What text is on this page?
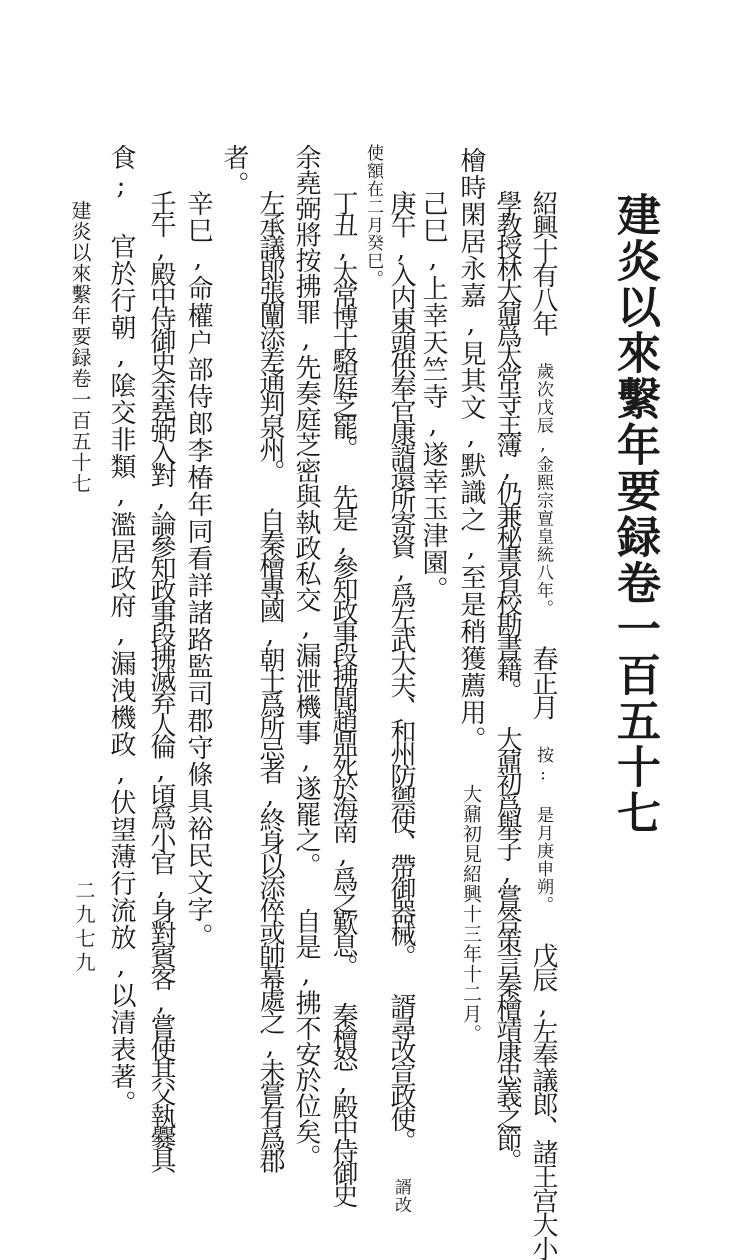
建炎以來繫年要録卷一百五十七
紹興十有八年 歲次戊辰,金熙宗亶皇統八年。 春正月 按: 是月庚申朔。 戊辰,左奉議郎、諸王宫大小
學教授林大鼐爲太常寺主簿,仍兼秘書省校勘書籍。 大鼐初爲舉子,嘗答策言秦檜靖康忠義之節。
檜時閑居永嘉,見其文,默識之,至是稍獲薦用。 大鼐初見紹興十三年十二月。
己巳,上幸天竺寺,遂幸玉津園。
庚午,入内東頭供奉官康諝還所寄資,爲左武大夫、和州防禦使、帶御器械。 諝尋改宣政使。 諝改
使額在二月癸巳。
丁丑,太常博士駱庭芝罷。 先是,參知政事段拂聞趙鼎死於海南,爲之歎息。 秦檜怒,殿中侍御史
余堯弼將按拂罪,先奏庭芝密與執政私交,漏泄機事,遂罷之。 自是,拂不安於位矣。
左承議郎張闡添差通判泉州。 自秦檜專國,朝士爲所忌者,終身以添倅或帥幕處之,未嘗有爲郡
者。
辛巳,命權户部侍郎李椿年同看詳諸路監司郡守條具裕民文字。
壬午,殿中侍御史余堯弼入對,論參知政事段拂滅弃人倫,頃爲小官,身對賓客,嘗使其父執爨具
食; 官於行朝,隂交非類,濫居政府,漏洩機政,伏望薄行流放,以清表著。
建炎以來繫年要録卷一百五十七
二九七九
